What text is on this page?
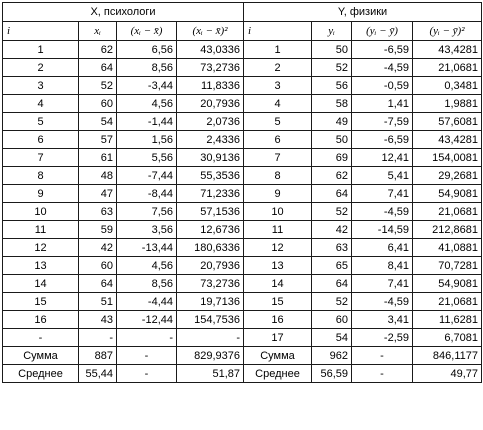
X, психологи				Y, физики			
i	xᵢ	(xᵢ − x̄)	(xᵢ − x̄)²	i	yᵢ	(yᵢ − ȳ)	(yᵢ − ȳ)²
1	62	6,56	43,0336	1	50	-6,59	43,4281
2	64	8,56	73,2736	2	52	-4,59	21,0681
3	52	-3,44	11,8336	3	56	-0,59	0,3481
4	60	4,56	20,7936	4	58	1,41	1,9881
5	54	-1,44	2,0736	5	49	-7,59	57,6081
6	57	1,56	2,4336	6	50	-6,59	43,4281
7	61	5,56	30,9136	7	69	12,41	154,0081
8	48	-7,44	55,3536	8	62	5,41	29,2681
9	47	-8,44	71,2336	9	64	7,41	54,9081
10	63	7,56	57,1536	10	52	-4,59	21,0681
11	59	3,56	12,6736	11	42	-14,59	212,8681
12	42	-13,44	180,6336	12	63	6,41	41,0881
13	60	4,56	20,7936	13	65	8,41	70,7281
14	64	8,56	73,2736	14	64	7,41	54,9081
15	51	-4,44	19,7136	15	52	-4,59	21,0681
16	43	-12,44	154,7536	16	60	3,41	11,6281
-	-	-	-	17	54	-2,59	6,7081
Сумма	887	-	829,9376	Сумма	962	-	846,1177
Среднее	55,44	-	51,87	Среднее	56,59	-	49,77
